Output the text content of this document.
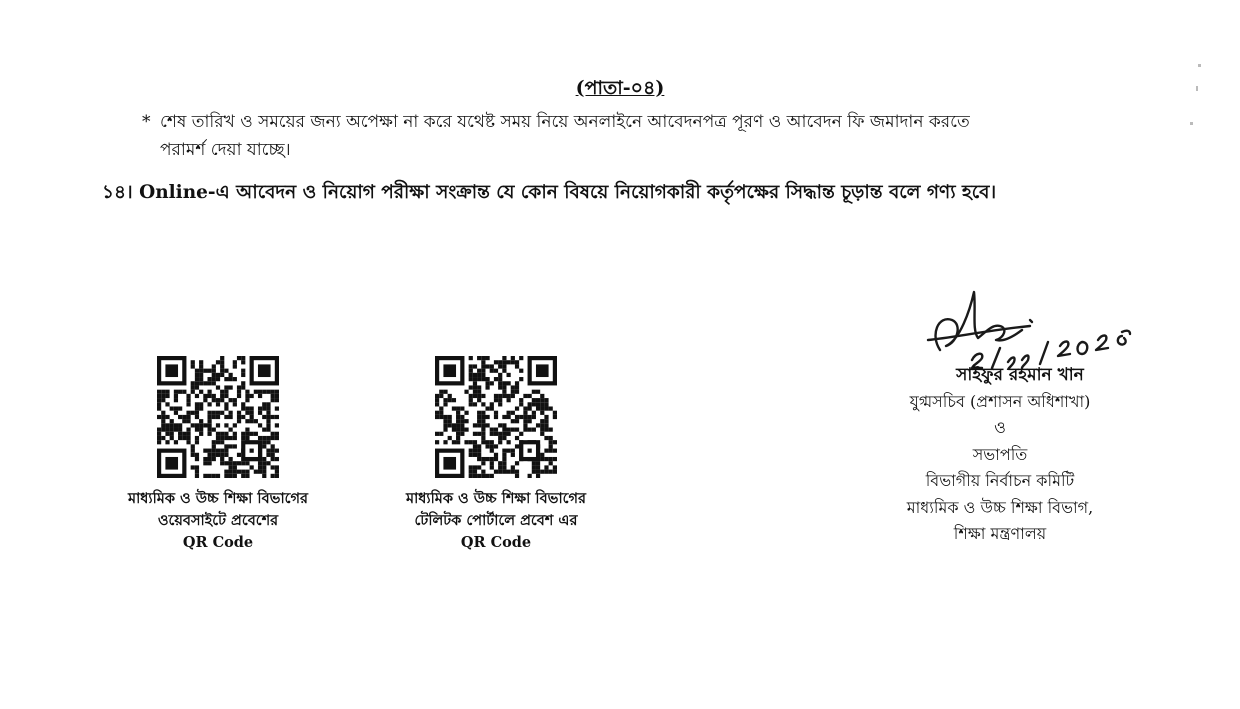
(পাতা-০৪)
* শেষ তারিখ ও সময়ের জন্য অপেক্ষা না করে যথেষ্ট সময় নিয়ে অনলাইনে আবেদনপত্র পূরণ ও আবেদন ফি জমাদান করতে
পরামর্শ দেয়া যাচ্ছে।
১৪। Online-এ আবেদন ও নিয়োগ পরীক্ষা সংক্রান্ত যে কোন বিষয়ে নিয়োগকারী কর্তৃপক্ষের সিদ্ধান্ত চূড়ান্ত বলে গণ্য হবে।
মাধ্যমিক ও উচ্চ শিক্ষা বিভাগের
ওয়েবসাইটে প্রবেশের
QR Code
মাধ্যমিক ও উচ্চ শিক্ষা বিভাগের
টেলিটক পোর্টালে প্রবেশ এর
QR Code
সাইফুর রহমান খান
যুগ্মসচিব (প্রশাসন অধিশাখা)
ও
সভাপতি
বিভাগীয় নির্বাচন কমিটি
মাধ্যমিক ও উচ্চ শিক্ষা বিভাগ,
শিক্ষা মন্ত্রণালয়
